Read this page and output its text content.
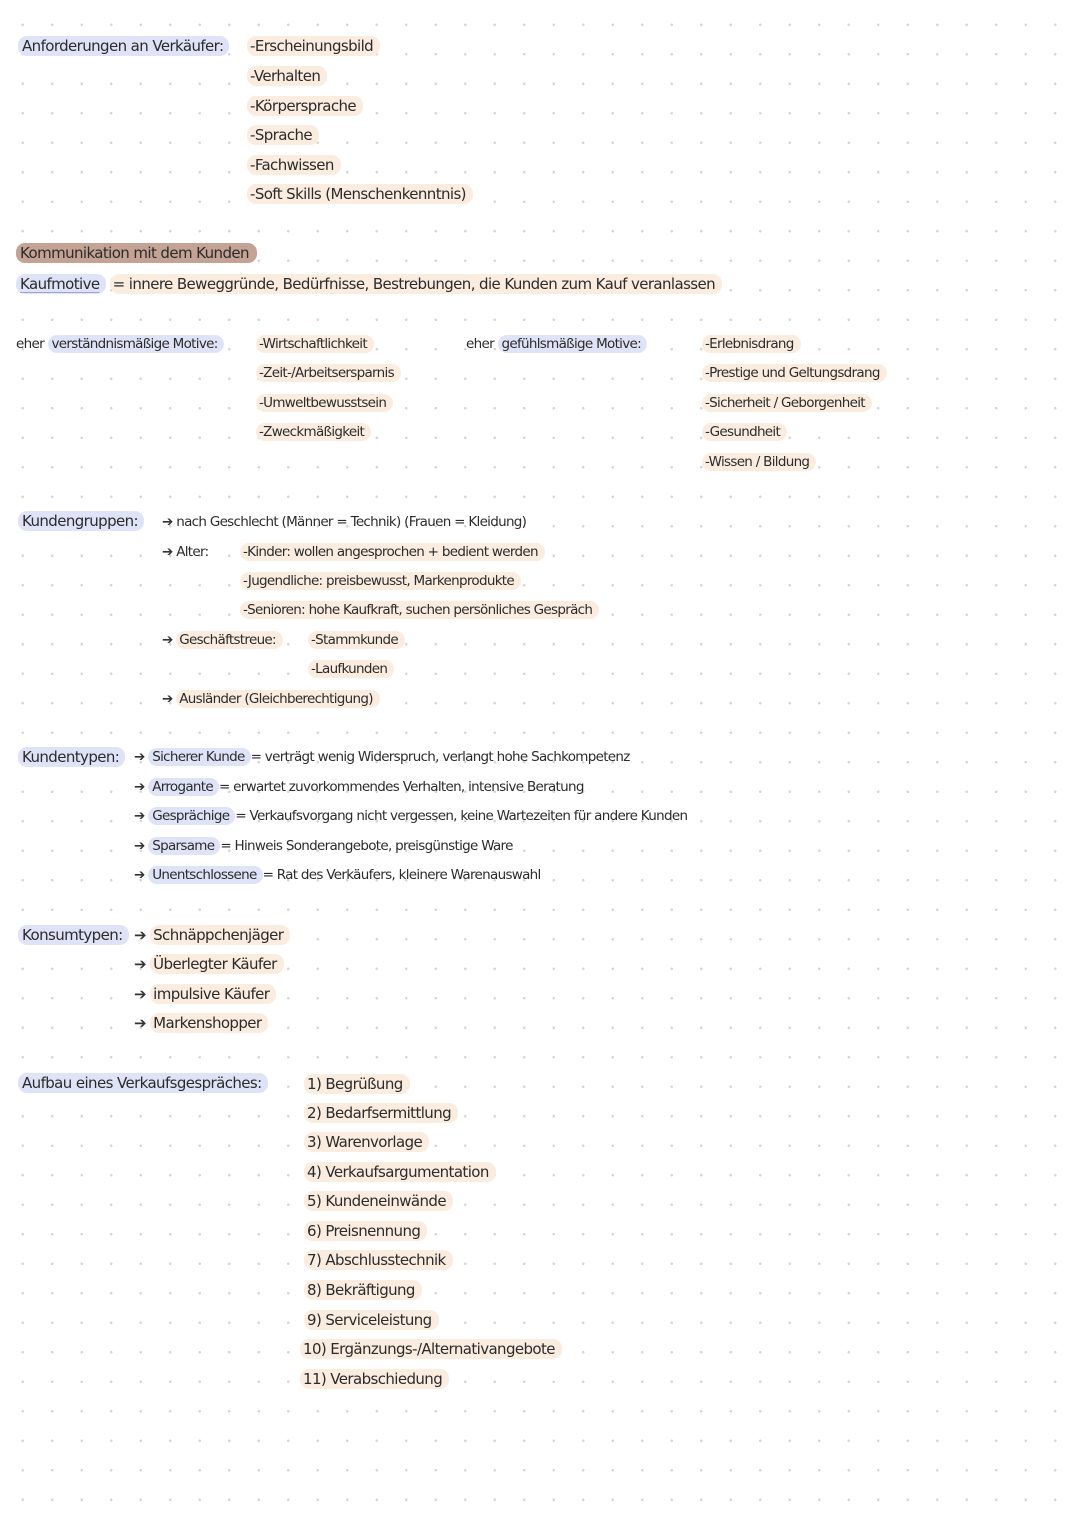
Anforderungen an Verkäufer:	-Erscheinungsbild
-Verhalten
-Körpersprache
-Sprache
-Fachwissen
-Soft Skills (Menschenkenntnis)
Kommunikation mit dem Kunden
Kaufmotive = innere Beweggründe, Bedürfnisse, Bestrebungen, die Kunden zum Kauf veranlassen
eher verständnismäßige Motive:	-Wirtschaftlichkeit
-Zeit-/Arbeitsersparnis
-Umweltbewusstsein
-Zweckmäßigkeit
eher gefühlsmäßige Motive:	-Erlebnisdrang
-Prestige und Geltungsdrang
-Sicherheit / Geborgenheit
-Gesundheit
-Wissen / Bildung
Kundengruppen:	➔ nach Geschlecht (Männer = Technik) (Frauen = Kleidung)
➔ Alter:	-Kinder: wollen angesprochen + bedient werden
-Jugendliche: preisbewusst, Markenprodukte
-Senioren: hohe Kaufkraft, suchen persönliches Gespräch
➔ Geschäftstreue:	-Stammkunde
-Laufkunden
➔ Ausländer (Gleichberechtigung)
Kundentypen:	➔ Sicherer Kunde = verträgt wenig Widerspruch, verlangt hohe Sachkompetenz
➔ Arrogante = erwartet zuvorkommendes Verhalten, intensive Beratung
➔ Gesprächige = Verkaufsvorgang nicht vergessen, keine Wartezeiten für andere Kunden
➔ Sparsame = Hinweis Sonderangebote, preisgünstige Ware
➔ Unentschlossene = Rat des Verkäufers, kleinere Warenauswahl
Konsumtypen: ➔ Schnäppchenjäger
➔ Überlegter Käufer
➔ impulsive Käufer
➔ Markenshopper
Aufbau eines Verkaufsgespräches:	1) Begrüßung
2) Bedarfsermittlung
3) Warenvorlage
4) Verkaufsargumentation
5) Kundeneinwände
6) Preisnennung
7) Abschlusstechnik
8) Bekräftigung
9) Serviceleistung
10) Ergänzungs-/Alternativangebote
11) Verabschiedung
